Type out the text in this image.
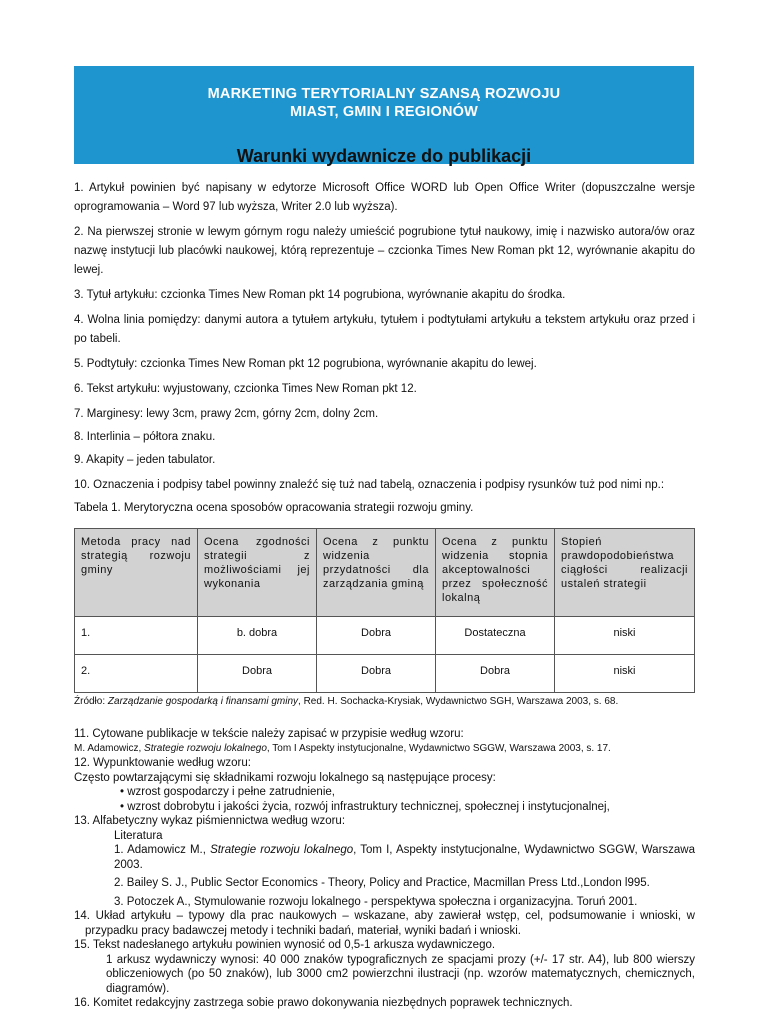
MARKETING TERYTORIALNY SZANSĄ ROZWOJU
MIAST, GMIN I REGIONÓW
Warunki wydawnicze do publikacji

1. Artykuł powinien być napisany w edytorze Microsoft Office WORD lub Open Office Writer (dopuszczalne wersje oprogramowania – Word 97 lub wyższa, Writer 2.0 lub wyższa).

2. Na pierwszej stronie w lewym górnym rogu należy umieścić pogrubione tytuł naukowy, imię i nazwisko autora/ów oraz nazwę instytucji lub placówki naukowej, którą reprezentuje – czcionka Times New Roman pkt 12, wyrównanie akapitu do lewej.

3. Tytuł artykułu: czcionka Times New Roman pkt 14 pogrubiona, wyrównanie akapitu do środka.

4. Wolna linia pomiędzy: danymi autora a tytułem artykułu, tytułem i podtytułami artykułu a tekstem artykułu oraz przed i po tabeli.

5. Podtytuły: czcionka Times New Roman pkt 12 pogrubiona, wyrównanie akapitu do lewej.

6. Tekst artykułu: wyjustowany, czcionka Times New Roman pkt 12.

7. Marginesy: lewy 3cm, prawy 2cm, górny 2cm, dolny 2cm.

8. Interlinia – półtora znaku.

9. Akapity – jeden tabulator.

10. Oznaczenia i podpisy tabel powinny znaleźć się tuż nad tabelą, oznaczenia i podpisy rysunków tuż pod nimi np.:

Tabela 1. Merytoryczna ocena sposobów opracowania strategii rozwoju gminy.

Metoda pracy nad strategią rozwoju gminy	Ocena zgodności strategii z możliwościami jej wykonania	Ocena z punktu widzenia przydatności dla zarządzania gminą	Ocena z punktu widzenia stopnia akceptowalności przez społeczność lokalną	Stopień prawdopodobieństwa ciągłości realizacji ustaleń strategii
1.	b. dobra	Dobra	Dostateczna	niski
2.	Dobra	Dobra	Dobra	niski
Źródło: Zarządzanie gospodarką i finansami gminy, Red. H. Sochacka-Krysiak, Wydawnictwo SGH, Warszawa 2003, s. 68.
11. Cytowane publikacje w tekście należy zapisać w przypisie według wzoru:
M. Adamowicz, Strategie rozwoju lokalnego, Tom I Aspekty instytucjonalne, Wydawnictwo SGGW, Warszawa 2003, s. 17.
12. Wypunktowanie według wzoru:
Często powtarzającymi się składnikami rozwoju lokalnego są następujące procesy:
• wzrost gospodarczy i pełne zatrudnienie,
• wzrost dobrobytu i jakości życia, rozwój infrastruktury technicznej, społecznej i instytucjonalnej,
13. Alfabetyczny wykaz piśmiennictwa według wzoru:
Literatura
1. Adamowicz M., Strategie rozwoju lokalnego, Tom I, Aspekty instytucjonalne, Wydawnictwo SGGW, Warszawa 2003.
2. Bailey S. J., Public Sector Economics - Theory, Policy and Practice, Macmillan Press Ltd.,London l995.
3. Potoczek A., Stymulowanie rozwoju lokalnego - perspektywa społeczna i organizacyjna. Toruń 2001.
14. Układ artykułu – typowy dla prac naukowych – wskazane, aby zawierał wstęp, cel, podsumowanie i wnioski, w przypadku pracy badawczej metody i techniki badań, materiał, wyniki badań i wnioski.
15. Tekst nadesłanego artykułu powinien wynosić od 0,5-1 arkusza wydawniczego.
1 arkusz wydawniczy wynosi: 40 000 znaków typograficznych ze spacjami prozy (+/- 17 str. A4), lub 800 wierszy obliczeniowych (po 50 znaków), lub 3000 cm2 powierzchni ilustracji (np. wzorów matematycznych, chemicznych, diagramów).
16. Komitet redakcyjny zastrzega sobie prawo dokonywania niezbędnych poprawek technicznych.
